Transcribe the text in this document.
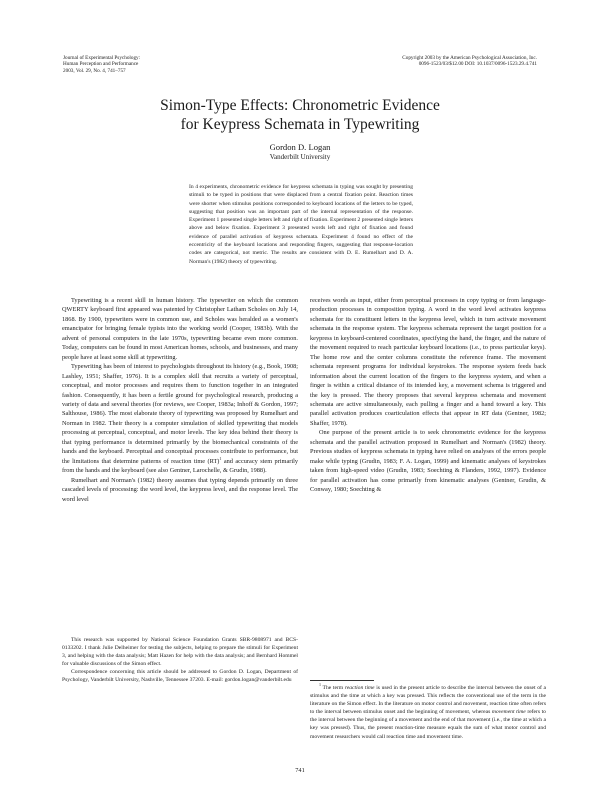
Journal of Experimental Psychology:
Human Perception and Performance
2003, Vol. 29, No. 4, 741–757
Copyright 2003 by the American Psychological Association, Inc.
0096-1523/03/$12.00 DOI: 10.1037/0096-1523.29.4.741
Simon-Type Effects: Chronometric Evidence
for Keypress Schemata in Typewriting
Gordon D. Logan
Vanderbilt University
In 4 experiments, chronometric evidence for keypress schemata in typing was sought by presenting stimuli to be typed in positions that were displaced from a central fixation point. Reaction times were shorter when stimulus positions corresponded to keyboard locations of the letters to be typed, suggesting that position was an important part of the internal representation of the response. Experiment 1 presented single letters left and right of fixation. Experiment 2 presented single letters above and below fixation. Experiment 3 presented words left and right of fixation and found evidence of parallel activation of keypress schemata. Experiment 4 found no effect of the eccentricity of the keyboard locations and responding fingers, suggesting that response-location codes are categorical, not metric. The results are consistent with D. E. Rumelhart and D. A. Norman's (1982) theory of typewriting.

Typewriting is a recent skill in human history. The typewriter on which the common QWERTY keyboard first appeared was patented by Christopher Latham Scholes on July 14, 1868. By 1900, typewriters were in common use, and Scholes was heralded as a women's emancipator for bringing female typists into the working world (Cooper, 1983b). With the advent of personal computers in the late 1970s, typewriting became even more common. Today, computers can be found in most American homes, schools, and businesses, and many people have at least some skill at typewriting.

Typewriting has been of interest to psychologists throughout its history (e.g., Book, 1908; Lashley, 1951; Shaffer, 1976). It is a complex skill that recruits a variety of perceptual, conceptual, and motor processes and requires them to function together in an integrated fashion. Consequently, it has been a fertile ground for psychological research, producing a variety of data and several theories (for reviews, see Cooper, 1983a; Inhoff & Gordon, 1997; Salthouse, 1986). The most elaborate theory of typewriting was proposed by Rumelhart and Norman in 1982. Their theory is a computer simulation of skilled typewriting that models processing at perceptual, conceptual, and motor levels. The key idea behind their theory is that typing performance is determined primarily by the biomechanical constraints of the hands and the keyboard. Perceptual and conceptual processes contribute to performance, but the limitations that determine patterns of reaction time (RT)$^1$ and accuracy stem primarily from the hands and the keyboard (see also Gentner, Larochelle, & Grudin, 1988).

Rumelhart and Norman's (1982) theory assumes that typing depends primarily on three cascaded levels of processing: the word level, the keypress level, and the response level. The word level

receives words as input, either from perceptual processes in copy typing or from language-production processes in composition typing. A word in the word level activates keypress schemata for its constituent letters in the keypress level, which in turn activate movement schemata in the response system. The keypress schemata represent the target position for a keypress in keyboard-centered coordinates, specifying the hand, the finger, and the nature of the movement required to reach particular keyboard locations (i.e., to press particular keys). The home row and the center columns constitute the reference frame. The movement schemata represent programs for individual keystrokes. The response system feeds back information about the current location of the fingers to the keypress system, and when a finger is within a critical distance of its intended key, a movement schema is triggered and the key is pressed. The theory proposes that several keypress schemata and movement schemata are active simultaneously, each pulling a finger and a hand toward a key. This parallel activation produces coarticulation effects that appear in RT data (Gentner, 1982; Shaffer, 1978).

One purpose of the present article is to seek chronometric evidence for the keypress schemata and the parallel activation proposed in Rumelhart and Norman's (1982) theory. Previous studies of keypress schemata in typing have relied on analyses of the errors people make while typing (Grudin, 1983; F. A. Logan, 1999) and kinematic analyses of keystrokes taken from high-speed video (Grudin, 1983; Soechting & Flanders, 1992, 1997). Evidence for parallel activation has come primarily from kinematic analyses (Gentner, Grudin, & Conway, 1980; Soechting &

This research was supported by National Science Foundation Grants SBR-9808971 and BCS-0133202. I thank Julie Delheimer for testing the subjects, helping to prepare the stimuli for Experiment 3, and helping with the data analysis; Matt Hazen for help with the data analysis; and Bernhard Hommel for valuable discussions of the Simon effect.

Correspondence concerning this article should be addressed to Gordon D. Logan, Department of Psychology, Vanderbilt University, Nashville, Tennessee 37203. E-mail: gordon.logan@vanderbilt.edu

$^1$ The term reaction time is used in the present article to describe the interval between the onset of a stimulus and the time at which a key was pressed. This reflects the conventional use of the term in the literature on the Simon effect. In the literature on motor control and movement, reaction time often refers to the interval between stimulus onset and the beginning of movement, whereas movement time refers to the interval between the beginning of a movement and the end of that movement (i.e., the time at which a key was pressed). Thus, the present reaction-time measure equals the sum of what motor control and movement researchers would call reaction time and movement time.

741
